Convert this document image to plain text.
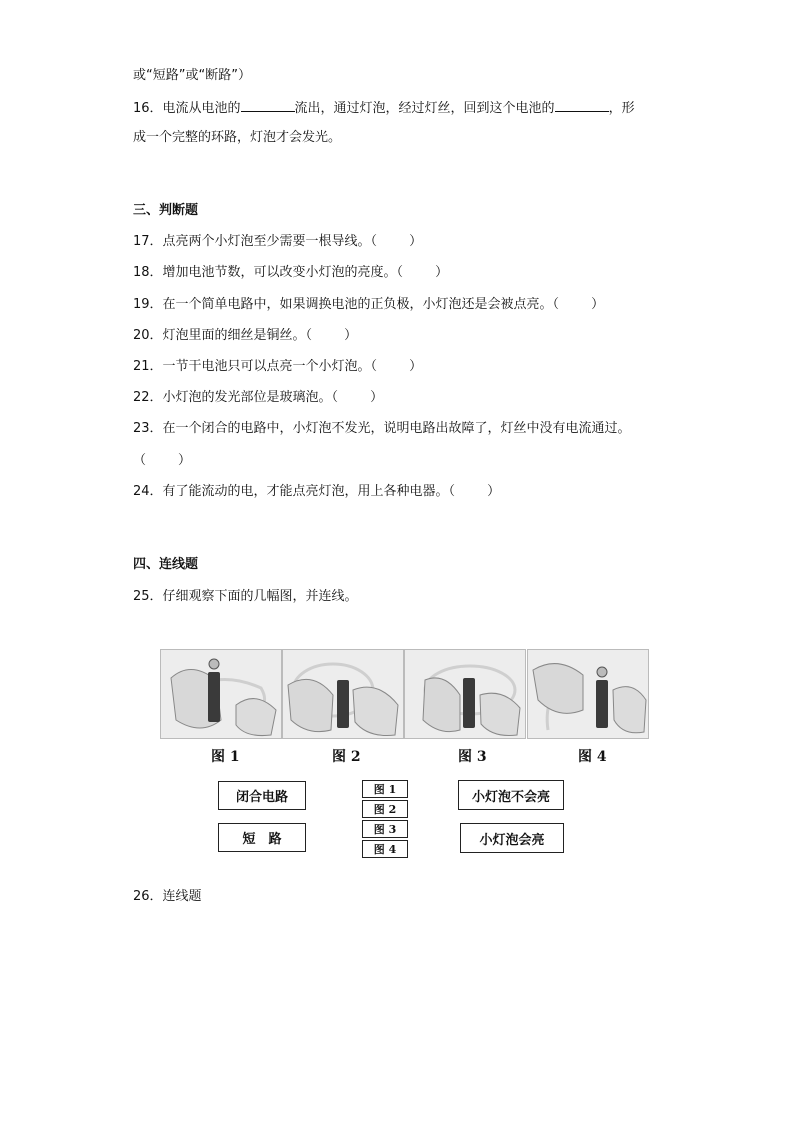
或“短路”或“断路”）
16．电流从电池的	流出，通过灯泡，经过灯丝，回到这个电池的	，形
成一个完整的环路，灯泡才会发光。
三、判断题
17．点亮两个小灯泡至少需要一根导线。（ ）
18．增加电池节数，可以改变小灯泡的亮度。（ ）
19．在一个简单电路中，如果调换电池的正负极，小灯泡还是会被点亮。（ ）
20．灯泡里面的细丝是铜丝。（ ）
21．一节干电池只可以点亮一个小灯泡。（ ）
22．小灯泡的发光部位是玻璃泡。（ ）
23．在一个闭合的电路中，小灯泡不发光，说明电路出故障了，灯丝中没有电流通过。
（ ）
24．有了能流动的电，才能点亮灯泡，用上各种电器。（ ）
四、连线题
25．仔细观察下面的几幅图，并连线。
图 1	图 2	图 3	图 4
闭合电路
短　路
图 1
图 2
图 3
图 4
小灯泡不会亮
小灯泡会亮
26．连线题
